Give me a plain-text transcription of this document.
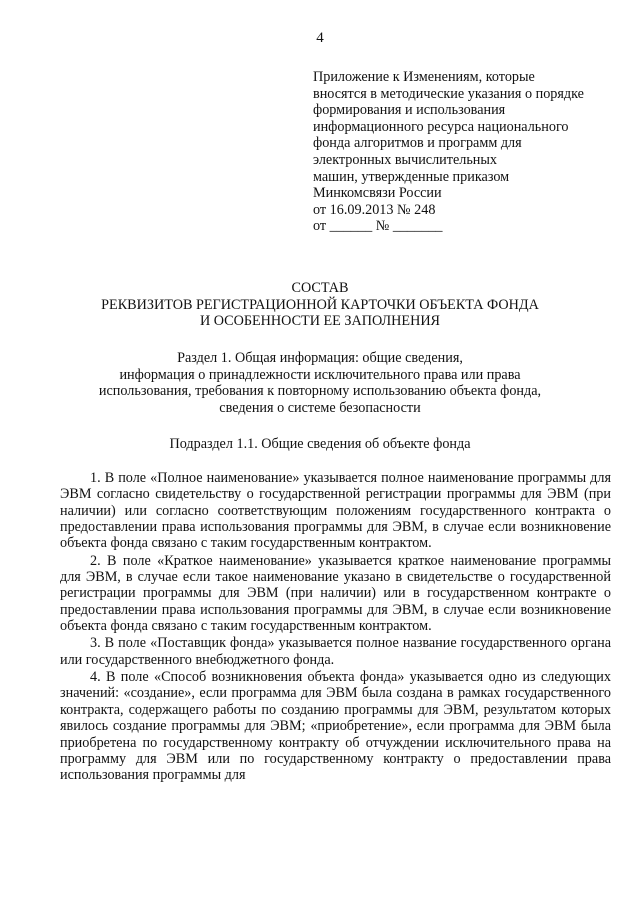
4
Приложение к Изменениям, которые
вносятся в методические указания о порядке
формирования и использования
информационного ресурса национального
фонда алгоритмов и программ для
электронных вычислительных
машин, утвержденные приказом
Минкомсвязи России
от 16.09.2013 № 248
от ______ № _______
СОСТАВ
РЕКВИЗИТОВ РЕГИСТРАЦИОННОЙ КАРТОЧКИ ОБЪЕКТА ФОНДА
И ОСОБЕННОСТИ ЕЕ ЗАПОЛНЕНИЯ
Раздел 1. Общая информация: общие сведения,
информация о принадлежности исключительного права или права
использования, требования к повторному использованию объекта фонда,
сведения о системе безопасности
Подраздел 1.1. Общие сведения об объекте фонда

1. В поле «Полное наименование» указывается полное наименование программы для ЭВМ согласно свидетельству о государственной регистрации программы для ЭВМ (при наличии) или согласно соответствующим положениям государственного контракта о предоставлении права использования программы для ЭВМ, в случае если возникновение объекта фонда связано с таким государственным контрактом.

2. В поле «Краткое наименование» указывается краткое наименование программы для ЭВМ, в случае если такое наименование указано в свидетельстве о государственной регистрации программы для ЭВМ (при наличии) или в государственном контракте о предоставлении права использования программы для ЭВМ, в случае если возникновение объекта фонда связано с таким государственным контрактом.

3. В поле «Поставщик фонда» указывается полное название государственного органа или государственного внебюджетного фонда.

4. В поле «Способ возникновения объекта фонда» указывается одно из следующих значений: «создание», если программа для ЭВМ была создана в рамках государственного контракта, содержащего работы по созданию программы для ЭВМ, результатом которых явилось создание программы для ЭВМ; «приобретение», если программа для ЭВМ была приобретена по государственному контракту об отчуждении исключительного права на программу для ЭВМ или по государственному контракту о предоставлении права использования программы для
